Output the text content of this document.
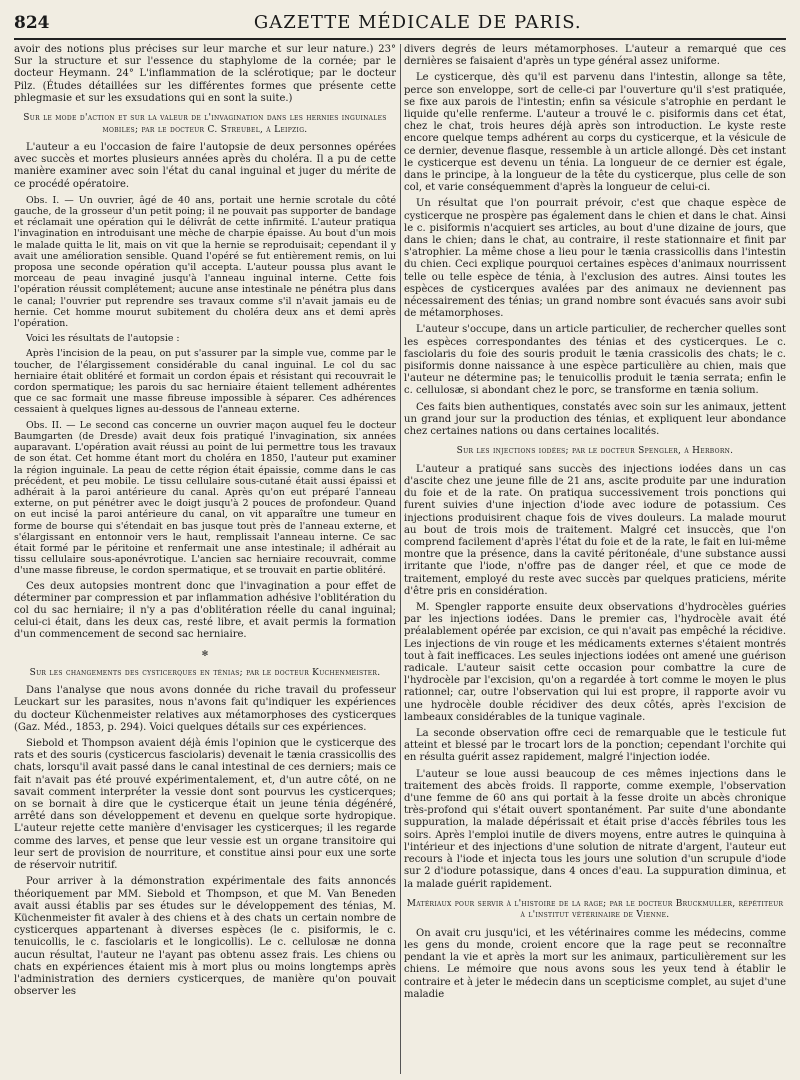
824	GAZETTE MÉDICALE DE PARIS.

avoir des notions plus précises sur leur marche et sur leur nature.) 23° Sur la structure et sur l'essence du staphylome de la cornée; par le docteur Heymann. 24° L'inflammation de la sclérotique; par le docteur Pilz. (Études détaillées sur les différentes formes que présente cette phlegmasie et sur les exsudations qui en sont la suite.)

Sur le mode d'action et sur la valeur de l'invagination dans les hernies inguinales mobiles; par le docteur C. Streubel, à Leipzig.

L'auteur a eu l'occasion de faire l'autopsie de deux personnes opérées avec succès et mortes plusieurs années après du choléra. Il a pu de cette manière examiner avec soin l'état du canal inguinal et juger du mérite de ce procédé opératoire.

Obs. I. — Un ouvrier, âgé de 40 ans, portait une hernie scrotale du côté gauche, de la grosseur d'un petit poing; il ne pouvait pas supporter de bandage et réclamait une opération qui le délivrât de cette infirmité. L'auteur pratiqua l'invagination en introduisant une mèche de charpie épaisse. Au bout d'un mois le malade quitta le lit, mais on vit que la hernie se reproduisait; cependant il y avait une amélioration sensible. Quand l'opéré se fut entièrement remis, on lui proposa une seconde opération qu'il accepta. L'auteur poussa plus avant le morceau de peau invaginé jusqu'à l'anneau inguinal interne. Cette fois l'opération réussit complétement; aucune anse intestinale ne pénétra plus dans le canal; l'ouvrier put reprendre ses travaux comme s'il n'avait jamais eu de hernie. Cet homme mourut subitement du choléra deux ans et demi après l'opération.

Voici les résultats de l'autopsie :

Après l'incision de la peau, on put s'assurer par la simple vue, comme par le toucher, de l'élargissement considérable du canal inguinal. Le col du sac herniaire était oblitéré et formait un cordon épais et résistant qui recouvrait le cordon spermatique; les parois du sac herniaire étaient tellement adhérentes que ce sac formait une masse fibreuse impossible à séparer. Ces adhérences cessaient à quelques lignes au-dessous de l'anneau externe.

Obs. II. — Le second cas concerne un ouvrier maçon auquel feu le docteur Baumgarten (de Dresde) avait deux fois pratiqué l'invagination, six années auparavant. L'opération avait réussi au point de lui permettre tous les travaux de son état. Cet homme étant mort du choléra en 1850, l'auteur put examiner la région inguinale. La peau de cette région était épaissie, comme dans le cas précédent, et peu mobile. Le tissu cellulaire sous-cutané était aussi épaissi et adhérait à la paroi antérieure du canal. Après qu'on eut préparé l'anneau externe, on put pénétrer avec le doigt jusqu'à 2 pouces de profondeur. Quand on eut incisé la paroi antérieure du canal, on vit apparaître une tumeur en forme de bourse qui s'étendait en bas jusque tout près de l'anneau externe, et s'élargissant en entonnoir vers le haut, remplissait l'anneau interne. Ce sac était formé par le péritoine et renfermait une anse intestinale; il adhérait au tissu cellulaire sous-aponévrotique. L'ancien sac herniaire recouvrait, comme d'une masse fibreuse, le cordon spermatique, et se trouvait en partie oblitéré.

Ces deux autopsies montrent donc que l'invagination a pour effet de déterminer par compression et par inflammation adhésive l'oblitération du col du sac herniaire; il n'y a pas d'oblitération réelle du canal inguinal; celui-ci était, dans les deux cas, resté libre, et avait permis la formation d'un commencement de second sac herniaire.

✻
Sur les changements des cysticerques en ténias; par le docteur Kuchenmeister.

Dans l'analyse que nous avons donnée du riche travail du professeur Leuckart sur les parasites, nous n'avons fait qu'indiquer les expériences du docteur Küchenmeister relatives aux métamorphoses des cysticerques (Gaz. Méd., 1853, p. 294). Voici quelques détails sur ces expériences.

Siebold et Thompson avaient déjà émis l'opinion que le cysticerque des rats et des souris (cysticercus fasciolaris) devenait le tænia crassicollis des chats, lorsqu'il avait passé dans le canal intestinal de ces derniers; mais ce fait n'avait pas été prouvé expérimentalement, et, d'un autre côté, on ne savait comment interpréter la vessie dont sont pourvus les cysticerques; on se bornait à dire que le cysticerque était un jeune ténia dégénéré, arrêté dans son développement et devenu en quelque sorte hydropique. L'auteur rejette cette manière d'envisager les cysticerques; il les regarde comme des larves, et pense que leur vessie est un organe transitoire qui leur sert de provision de nourriture, et constitue ainsi pour eux une sorte de réservoir nutritif.

Pour arriver à la démonstration expérimentale des faits annoncés théoriquement par MM. Siebold et Thompson, et que M. Van Beneden avait aussi établis par ses études sur le développement des ténias, M. Küchenmeister fit avaler à des chiens et à des chats un certain nombre de cysticerques appartenant à diverses espèces (le c. pisiformis, le c. tenuicollis, le c. fasciolaris et le longicollis). Le c. cellulosæ ne donna aucun résultat, l'auteur ne l'ayant pas obtenu assez frais. Les chiens ou chats en expériences étaient mis à mort plus ou moins longtemps après l'administration des derniers cysticerques, de manière qu'on pouvait observer les

divers degrés de leurs métamorphoses. L'auteur a remarqué que ces dernières se faisaient d'après un type général assez uniforme.

Le cysticerque, dès qu'il est parvenu dans l'intestin, allonge sa tête, perce son enveloppe, sort de celle-ci par l'ouverture qu'il s'est pratiquée, se fixe aux parois de l'intestin; enfin sa vésicule s'atrophie en perdant le liquide qu'elle renferme. L'auteur a trouvé le c. pisiformis dans cet état, chez le chat, trois heures déjà après son introduction. Le kyste reste encore quelque temps adhérent au corps du cysticerque, et la vésicule de ce dernier, devenue flasque, ressemble à un article allongé. Dès cet instant le cysticerque est devenu un ténia. La longueur de ce dernier est égale, dans le principe, à la longueur de la tête du cysticerque, plus celle de son col, et varie conséquemment d'après la longueur de celui-ci.

Un résultat que l'on pourrait prévoir, c'est que chaque espèce de cysticerque ne prospère pas également dans le chien et dans le chat. Ainsi le c. pisiformis n'acquiert ses articles, au bout d'une dizaine de jours, que dans le chien; dans le chat, au contraire, il reste stationnaire et finit par s'atrophier. La même chose a lieu pour le tænia crassicollis dans l'intestin du chien. Ceci explique pourquoi certaines espèces d'animaux nourrissent telle ou telle espèce de ténia, à l'exclusion des autres. Ainsi toutes les espèces de cysticerques avalées par des animaux ne deviennent pas nécessairement des ténias; un grand nombre sont évacués sans avoir subi de métamorphoses.

L'auteur s'occupe, dans un article particulier, de rechercher quelles sont les espèces correspondantes des ténias et des cysticerques. Le c. fasciolaris du foie des souris produit le tænia crassicolis des chats; le c. pisiformis donne naissance à une espèce particulière au chien, mais que l'auteur ne détermine pas; le tenuicollis produit le tænia serrata; enfin le c. cellulosæ, si abondant chez le porc, se transforme en tænia solium.

Ces faits bien authentiques, constatés avec soin sur les animaux, jettent un grand jour sur la production des ténias, et expliquent leur abondance chez certaines nations ou dans certaines localités.

Sur les injections iodées; par le docteur Spengler, à Herborn.

L'auteur a pratiqué sans succès des injections iodées dans un cas d'ascite chez une jeune fille de 21 ans, ascite produite par une induration du foie et de la rate. On pratiqua successivement trois ponctions qui furent suivies d'une injection d'iode avec iodure de potassium. Ces injections produisirent chaque fois de vives douleurs. La malade mourut au bout de trois mois de traitement. Malgré cet insuccès, que l'on comprend facilement d'après l'état du foie et de la rate, le fait en lui-même montre que la présence, dans la cavité péritonéale, d'une substance aussi irritante que l'iode, n'offre pas de danger réel, et que ce mode de traitement, employé du reste avec succès par quelques praticiens, mérite d'être pris en considération.

M. Spengler rapporte ensuite deux observations d'hydrocèles guéries par les injections iodées. Dans le premier cas, l'hydrocèle avait été préalablement opérée par excision, ce qui n'avait pas empêché la récidive. Les injections de vin rouge et les médicaments externes s'étaient montrés tout à fait inefficaces. Les seules injections iodées ont amené une guérison radicale. L'auteur saisit cette occasion pour combattre la cure de l'hydrocèle par l'excision, qu'on a regardée à tort comme le moyen le plus rationnel; car, outre l'observation qui lui est propre, il rapporte avoir vu une hydrocèle double récidiver des deux côtés, après l'excision de lambeaux considérables de la tunique vaginale.

La seconde observation offre ceci de remarquable que le testicule fut atteint et blessé par le trocart lors de la ponction; cependant l'orchite qui en résulta guérit assez rapidement, malgré l'injection iodée.

L'auteur se loue aussi beaucoup de ces mêmes injections dans le traitement des abcès froids. Il rapporte, comme exemple, l'observation d'une femme de 60 ans qui portait à la fesse droite un abcès chronique très-profond qui s'était ouvert spontanément. Par suite d'une abondante suppuration, la malade dépérissait et était prise d'accès fébriles tous les soirs. Après l'emploi inutile de divers moyens, entre autres le quinquina à l'intérieur et des injections d'une solution de nitrate d'argent, l'auteur eut recours à l'iode et injecta tous les jours une solution d'un scrupule d'iode sur 2 d'iodure potassique, dans 4 onces d'eau. La suppuration diminua, et la malade guérit rapidement.

Matériaux pour servir à l'histoire de la rage; par le docteur Bruckmuller, répétiteur à l'institut vétérinaire de Vienne.

On avait cru jusqu'ici, et les vétérinaires comme les médecins, comme les gens du monde, croient encore que la rage peut se reconnaître pendant la vie et après la mort sur les animaux, particulièrement sur les chiens. Le mémoire que nous avons sous les yeux tend à établir le contraire et à jeter le médecin dans un scepticisme complet, au sujet d'une maladie
